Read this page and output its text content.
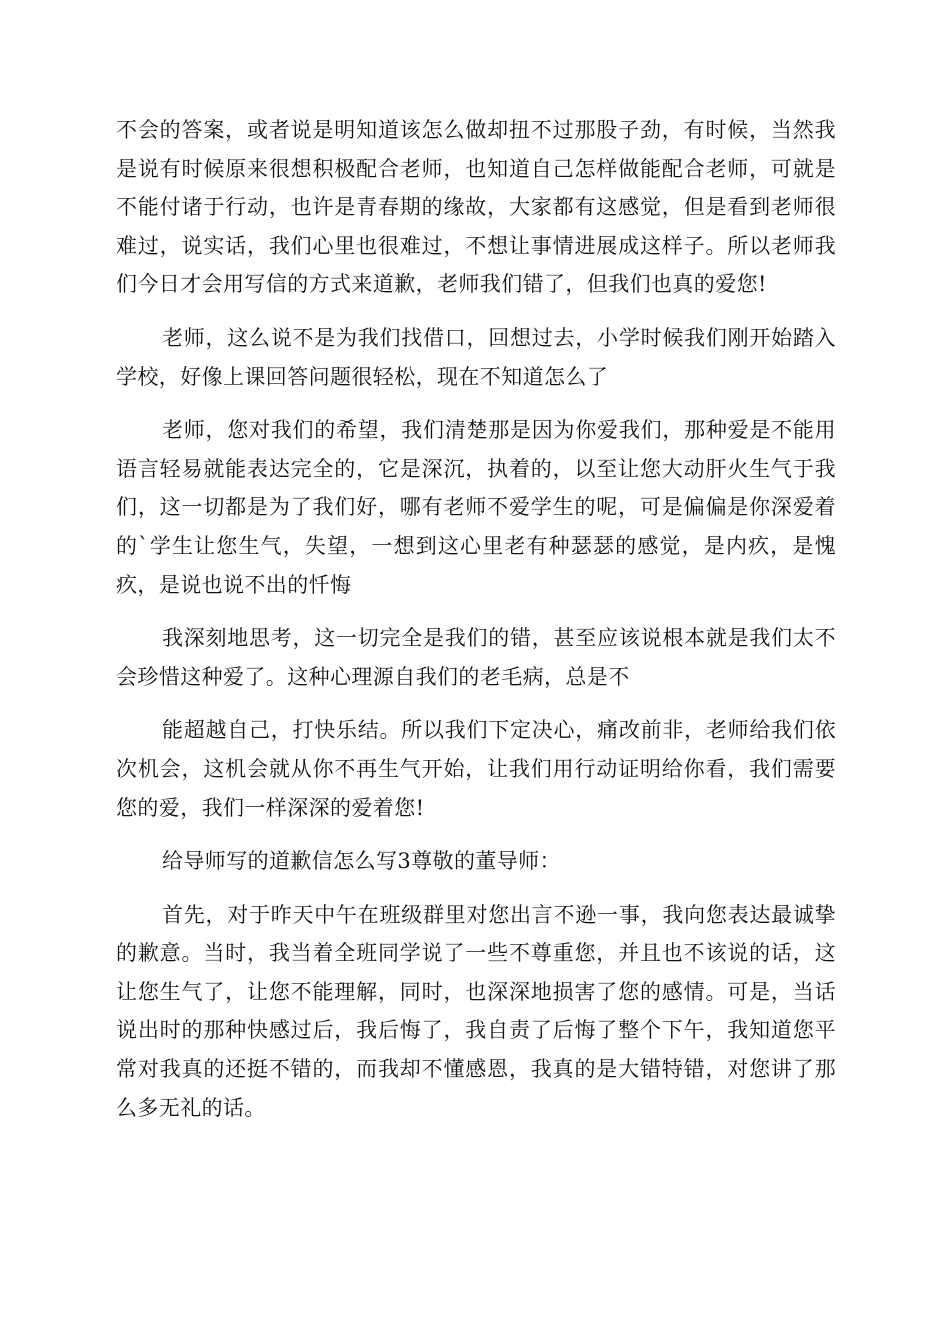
不会的答案，或者说是明知道该怎么做却扭不过那股子劲，有时候，当然我是说有时候原来很想积极配合老师，也知道自己怎样做能配合老师，可就是不能付诸于行动，也许是青春期的缘故，大家都有这感觉，但是看到老师很难过，说实话，我们心里也很难过，不想让事情进展成这样子。所以老师我们今日才会用写信的方式来道歉，老师我们错了，但我们也真的爱您!

老师，这么说不是为我们找借口，回想过去，小学时候我们刚开始踏入学校，好像上课回答问题很轻松，现在不知道怎么了

老师，您对我们的希望，我们清楚那是因为你爱我们，那种爱是不能用语言轻易就能表达完全的，它是深沉，执着的，以至让您大动肝火生气于我们，这一切都是为了我们好，哪有老师不爱学生的呢，可是偏偏是你深爱着的`学生让您生气，失望，一想到这心里老有种瑟瑟的感觉，是内疚，是愧疚，是说也说不出的忏悔

我深刻地思考，这一切完全是我们的错，甚至应该说根本就是我们太不会珍惜这种爱了。这种心理源自我们的老毛病，总是不

能超越自己，打快乐结。所以我们下定决心，痛改前非，老师给我们依次机会，这机会就从你不再生气开始，让我们用行动证明给你看，我们需要您的爱，我们一样深深的爱着您!

给导师写的道歉信怎么写3尊敬的董导师：

首先，对于昨天中午在班级群里对您出言不逊一事，我向您表达最诚挚的歉意。当时，我当着全班同学说了一些不尊重您，并且也不该说的话，这让您生气了，让您不能理解，同时，也深深地损害了您的感情。可是，当话说出时的那种快感过后，我后悔了，我自责了后悔了整个下午，我知道您平常对我真的还挺不错的，而我却不懂感恩，我真的是大错特错，对您讲了那么多无礼的话。
